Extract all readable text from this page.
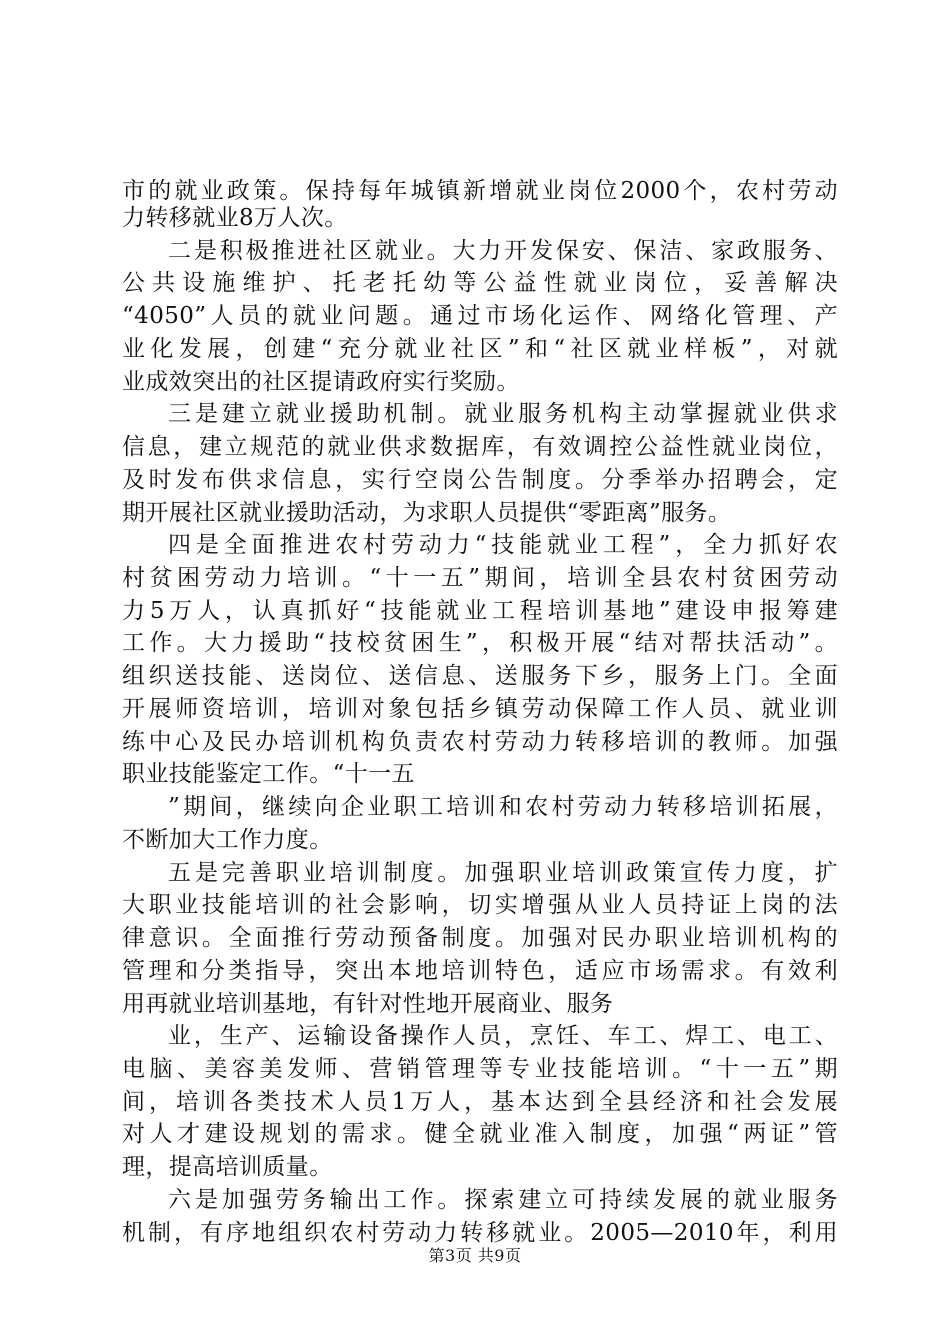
市的就业政策。保持每年城镇新增就业岗位2000个，农村劳动
力转移就业8万人次。
二是积极推进社区就业。大力开发保安、保洁、家政服务、
公共设施维护、托老托幼等公益性就业岗位，妥善解决
“4050”人员的就业问题。通过市场化运作、网络化管理、产
业化发展，创建“充分就业社区”和“社区就业样板”，对就
业成效突出的社区提请政府实行奖励。
三是建立就业援助机制。就业服务机构主动掌握就业供求
信息，建立规范的就业供求数据库，有效调控公益性就业岗位，
及时发布供求信息，实行空岗公告制度。分季举办招聘会，定
期开展社区就业援助活动，为求职人员提供“零距离”服务。
四是全面推进农村劳动力“技能就业工程”，全力抓好农
村贫困劳动力培训。“十一五”期间，培训全县农村贫困劳动
力5万人，认真抓好“技能就业工程培训基地”建设申报筹建
工作。大力援助“技校贫困生”，积极开展“结对帮扶活动”。
组织送技能、送岗位、送信息、送服务下乡，服务上门。全面
开展师资培训，培训对象包括乡镇劳动保障工作人员、就业训
练中心及民办培训机构负责农村劳动力转移培训的教师。加强
职业技能鉴定工作。“十一五
”期间，继续向企业职工培训和农村劳动力转移培训拓展，
不断加大工作力度。
五是完善职业培训制度。加强职业培训政策宣传力度，扩
大职业技能培训的社会影响，切实增强从业人员持证上岗的法
律意识。全面推行劳动预备制度。加强对民办职业培训机构的
管理和分类指导，突出本地培训特色，适应市场需求。有效利
用再就业培训基地，有针对性地开展商业、服务
业，生产、运输设备操作人员，烹饪、车工、焊工、电工、
电脑、美容美发师、营销管理等专业技能培训。“十一五”期
间，培训各类技术人员1万人，基本达到全县经济和社会发展
对人才建设规划的需求。健全就业准入制度，加强“两证”管
理，提高培训质量。
六是加强劳务输出工作。探索建立可持续发展的就业服务
机制，有序地组织农村劳动力转移就业。2005—2010年，利用
第3页 共9页
